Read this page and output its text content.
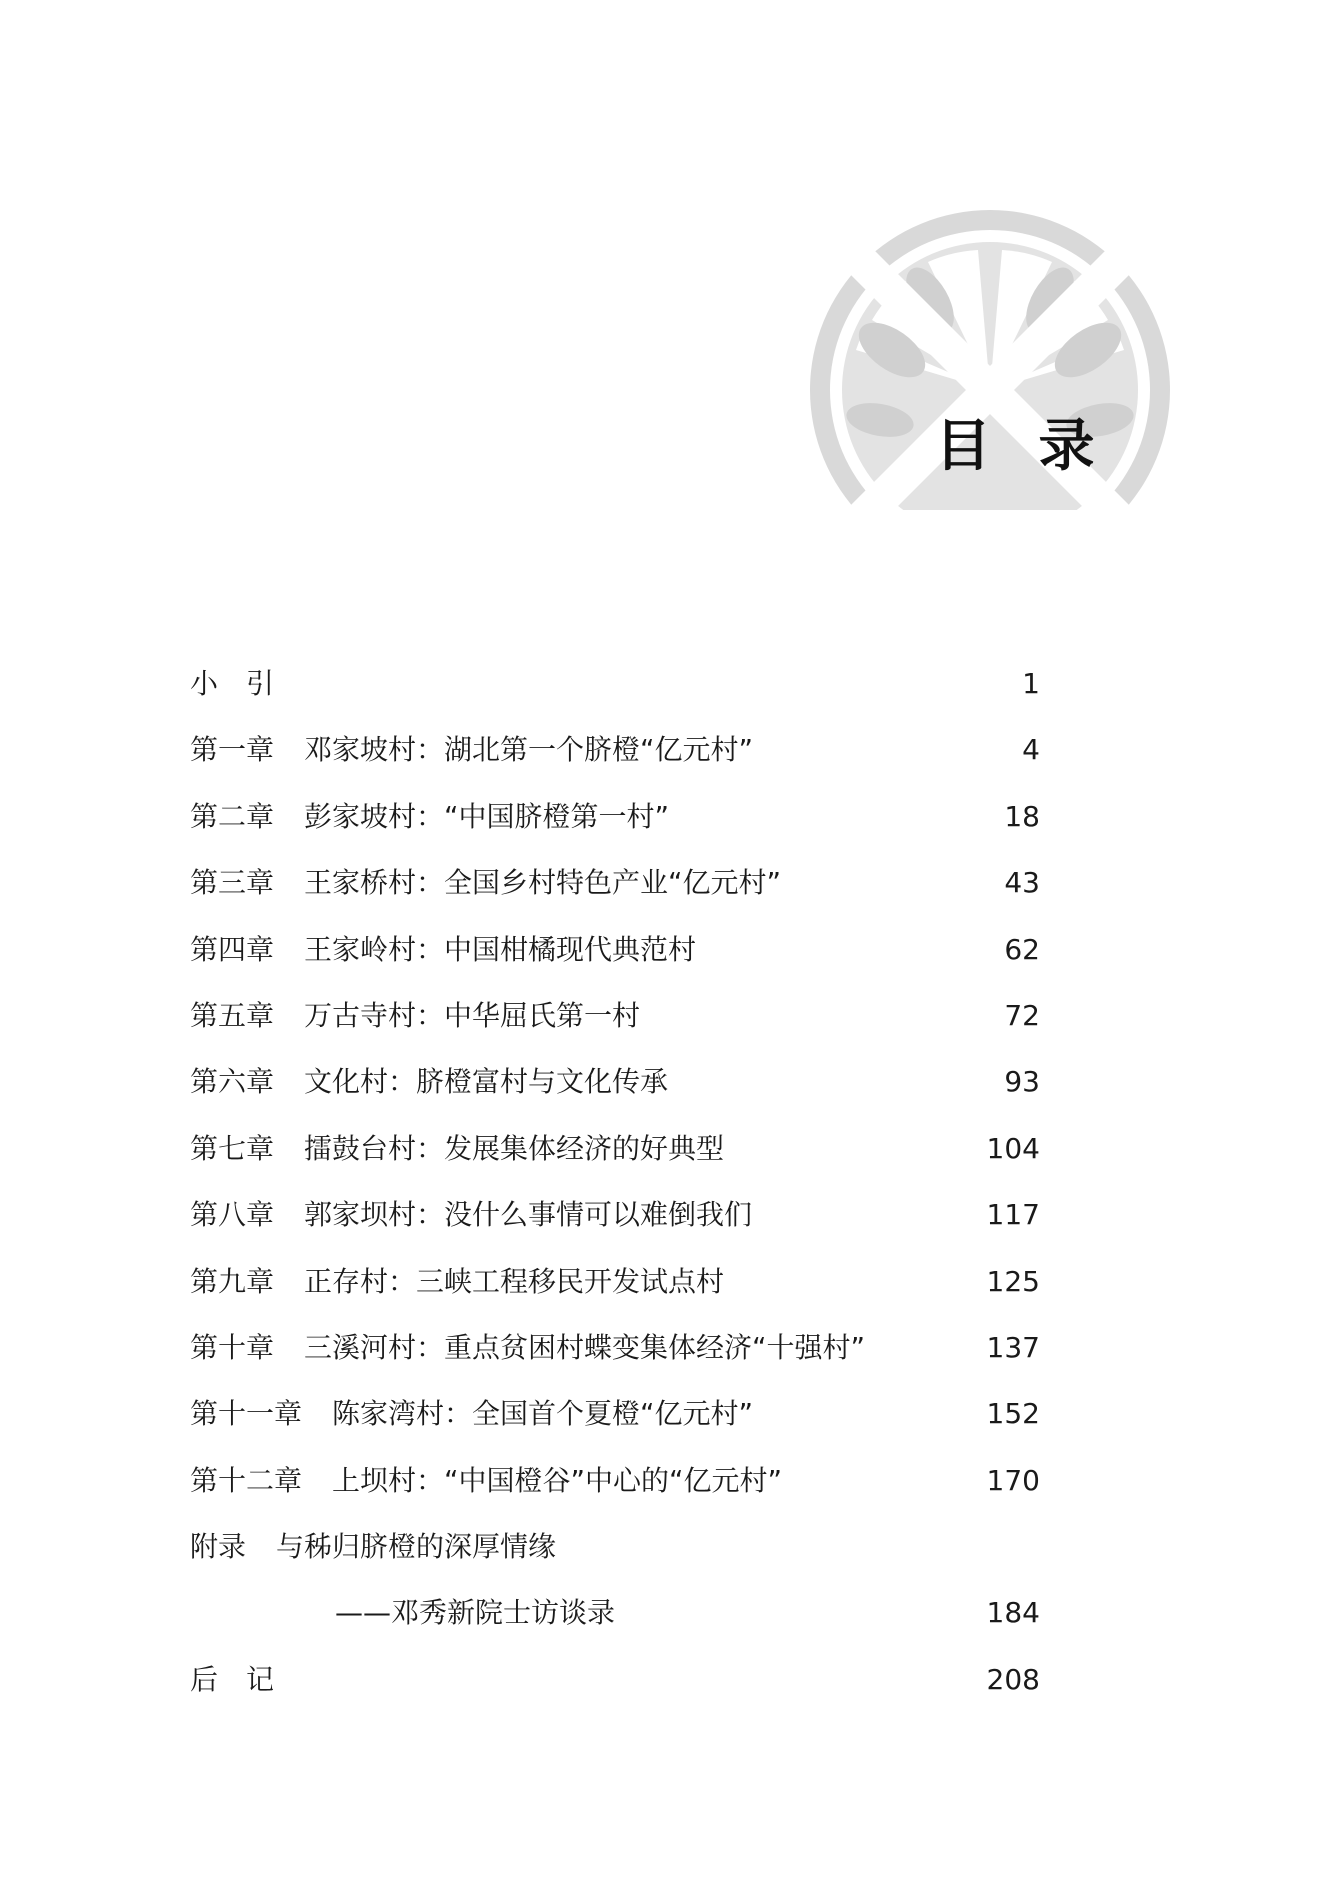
目 录
小　引	1
第一章 邓家坡村：湖北第一个脐橙“亿元村”	4
第二章 彭家坡村：“中国脐橙第一村”	18
第三章 王家桥村：全国乡村特色产业“亿元村”	43
第四章 王家岭村：中国柑橘现代典范村	62
第五章 万古寺村：中华屈氏第一村	72
第六章 文化村：脐橙富村与文化传承	93
第七章 擂鼓台村：发展集体经济的好典型	104
第八章 郭家坝村：没什么事情可以难倒我们	117
第九章 正存村：三峡工程移民开发试点村	125
第十章 三溪河村：重点贫困村蝶变集体经济“十强村”	137
第十一章 陈家湾村：全国首个夏橙“亿元村”	152
第十二章 上坝村：“中国橙谷”中心的“亿元村”	170
附录 与秭归脐橙的深厚情缘
——邓秀新院士访谈录	184
后　记	208
